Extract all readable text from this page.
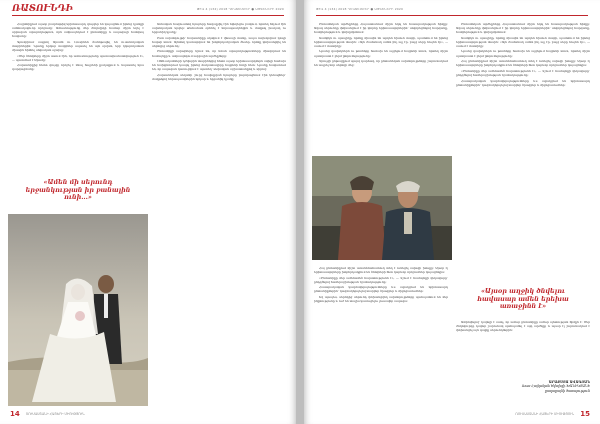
ՌԱՏՈՒՆԴԻ	ԹԻՎ 4 (134) 2018 ԴԵԿՏԵՄԲԵՐ ● ԱՅԳԵՆԵՐԻ 2020

Հայրենիքում այսօր բազմաթիվ երիտասարդ զույգեր են կայացնում իրենց կյանքի ամենակարևոր որոշումը։ Ամուսնությունը մեր ժողովրդի համար միշտ եղել է սրբազան արարողություն, որն ամրապնդում է ընտանիքը և ապագայի հանդեպ հավատը։

Գյումրիում ապրող Արամն ու Լուսինեն ծանոթացել են ուսանողական տարիներին։ Նրանք երկար տարիներ սպասել են այն օրվան, երբ կկարողանան միասին հիմնել սեփական օջախը։

«Մեր ծնողները միշտ ասում էին, որ ամուսնությունը պատասխանատվություն է», — պատմում է Արամը։

Հարսանիքից հետո զույգը որոշել է մնալ հայրենի քաղաքում և նպաստել նրա զարգացմանը։

«Ամեն մի սերունդ երջանկության իր բանալին ունի...»

Տոնական հագուստով հյուրերը հավաքվել էին եկեղեցու բակում, որտեղ հնչում էին ավանդական երգեր։ Քահանան օրհնել է նորապսակներին և մաղթել խաղաղ ու երջանիկ կյանք։

Ըստ ավանդույթի՝ հարսանիքը սկսվում է փեսայի տանը, ապա ուղևորվում դեպի հարսի տուն։ Այնտեղ կատարվում են խորհրդանշական ծեսեր, որոնք փոխանցվել են սերնդից սերունդ։

Ընտանիքի ավագները նշում են, որ նման արարողությունները միավորում են համայնքը և ամրապնդում ազգային արժեքները։

1990-ականների դժվարին տարիներից հետո այսօր երիտասարդներն ավելի հաճախ են նախընտրում կապել իրենց ճակատագիրը հայրենի հողի հետ։ Նրանք հավատում են, որ ապագան կառուցվում է այստեղ՝ սեփական աշխատանքով և սիրով։

Հարսանեկան սեղանի շուրջ հավաքված հյուրերը բարձրացնում էին կենացներ՝ մաղթելով նորապսակներին երկար և երջանիկ կյանք։

14 ՌՈՒՍԱՍՏԱՆԻ ՀԱՅԵՐԻ ՄԻՈՒԹՅՈՒՆ
ԹԻՎ 4 (134) 2018 ԴԵԿՏԵՄԲԵՐ ● ԱՅԳԵՆԵՐԻ 2020

Ընտանեկան արժեքները Հայաստանում միշտ եղել են հասարակության հիմքը։ Ավագ սերունդը փոխանցում է իր փորձը երիտասարդներին՝ սովորեցնելով հարգանք, համբերություն և փոխըմբռնում։

Տատիկն ու պապիկը, որոնք միասին են արդեն հիսուն տարի, պատմում են իրենց երիտասարդության մասին։ «Այն ժամանակ ամեն ինչ այլ էր, բայց սերը նույնն էր», — ասում է տատիկը։

Նրանց զավակներն ու թոռները հաճախ են այցելում հայրենի տուն, որտեղ միշտ պատրաստ է ջերմ ընդունելությունը։

Զրույցի ընթացքում պարզ դարձավ, որ ընտանեկան ավանդույթները շարունակում են ապրել նոր սերնդի մեջ։

Հայ ընտանիքում միշտ առանձնահատուկ տեղ է ունեցել ավագի խոսքը։ Այսօր էլ երիտասարդները խորհրդակցում են ծնողների հետ կարևոր որոշումներ կայացնելիս։

«Ընտանիքը մեր ամենամեծ հարստությունն է», — նշում է համայնքի ղեկավարը՝ ընդգծելով համերաշխության նշանակությունը։

Հասարակական կազմակերպությունները ևս աջակցում են երիտասարդ ընտանիքներին՝ կազմակերպելով տարբեր ծրագրեր և միջոցառումներ։

Եվ այսպես, սերնդից սերունդ փոխանցվող ավանդույթները պահպանում են մեր ինքնությունը և ուժ են տալիս կառուցելու լուսավոր ապագա։

Ընտանեկան արժեքները Հայաստանում միշտ եղել են հասարակության հիմքը։ Ավագ սերունդը փոխանցում է իր փորձը երիտասարդներին՝ սովորեցնելով հարգանք, համբերություն և փոխըմբռնում։

Տատիկն ու պապիկը, որոնք միասին են արդեն հիսուն տարի, պատմում են իրենց երիտասարդության մասին։ «Այն ժամանակ ամեն ինչ այլ էր, բայց սերը նույնն էր», — ասում է տատիկը։

Նրանց զավակներն ու թոռները հաճախ են այցելում հայրենի տուն, որտեղ միշտ պատրաստ է ջերմ ընդունելությունը։

Հայ ընտանիքում միշտ առանձնահատուկ տեղ է ունեցել ավագի խոսքը։ Այսօր էլ երիտասարդները խորհրդակցում են ծնողների հետ կարևոր որոշումներ կայացնելիս։

«Ընտանիքը մեր ամենամեծ հարստությունն է», — նշում է համայնքի ղեկավարը՝ ընդգծելով համերաշխության նշանակությունը։

Հասարակական կազմակերպությունները ևս աջակցում են երիտասարդ ընտանիքներին՝ կազմակերպելով տարբեր ծրագրեր և միջոցառումներ։

«Այսօր աղջիկ ծնվելու հավասար ամեն երեխա առաջինն է»

Ամփոփելով՝ կարելի է ասել, որ ամուր ընտանիքը ամուր պետության հիմքն է։ Մեր ժողովուրդը դարեր շարունակ պահպանել է այդ արժեքը և այսօր էլ շարունակում է փոխանցել այն գալիք սերունդներին։

ԱՐԱՔՍՅԱ ԱՎԱԳՅԱՆ
Ռուս-Հայկական Եկեղեցի ԽԱՆԻԿՅԱՆԻ
քաղաքայնի ծառայություն
ՌՈՒՍԱՍՏԱՆԻ ՀԱՅԵՐԻ ՄԻՈՒԹՅՈՒՆ 15
